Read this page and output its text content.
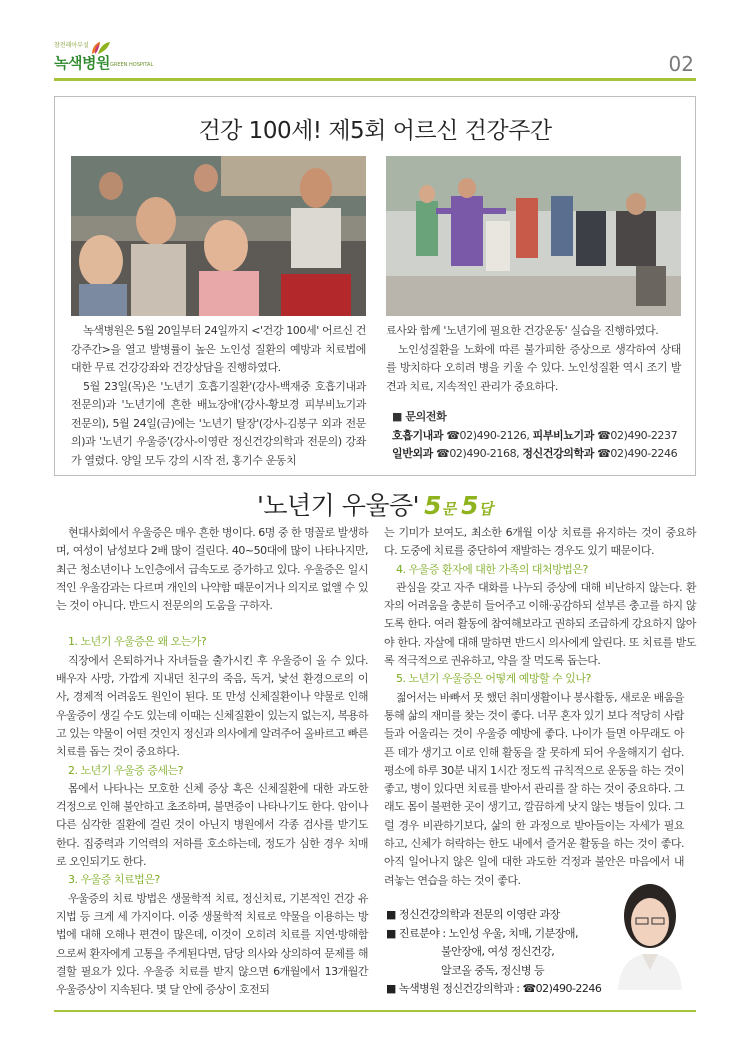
참전레아부설
녹색병원 GREEN HOSPITAL	02
건강 100세! 제5회 어르신 건강주간

녹색병원은 5월 20일부터 24일까지 <'건강 100세' 어르신 건강주간>을 열고 발병률이 높은 노인성 질환의 예방과 치료법에 대한 무료 건강강좌와 건강상담을 진행하였다.

5월 23일(목)은 '노년기 호흡기질환'(강사-백재중 호흡기내과 전문의)과 '노년기에 흔한 배뇨장애'(강사-황보경 피부비뇨기과 전문의), 5월 24일(금)에는 '노년기 탈장'(강사-김봉구 외과 전문의)과 '노년기 우울증'(강사-이영란 정신건강의학과 전문의) 강좌가 열렸다. 양일 모두 강의 시작 전, 홍기수 운동치

료사와 함께 '노년기에 필요한 건강운동' 실습을 진행하였다.

노인성질환을 노화에 따른 불가피한 증상으로 생각하여 상태를 방치하다 오히려 병을 키울 수 있다. 노인성질환 역시 조기 발견과 치료, 지속적인 관리가 중요하다.

■ 문의전화
호흡기내과 ☎02)490-2126, 피부비뇨기과 ☎02)490-2237
일반외과 ☎02)490-2168, 정신건강의학과 ☎02)490-2246
'노년기 우울증' 5문 5답

현대사회에서 우울증은 매우 흔한 병이다. 6명 중 한 명꼴로 발생하며, 여성이 남성보다 2배 많이 걸린다. 40~50대에 많이 나타나지만, 최근 청소년이나 노인층에서 급속도로 증가하고 있다. 우울증은 일시적인 우울감과는 다르며 개인의 나약함 때문이거나 의지로 없앨 수 있는 것이 아니다. 반드시 전문의의 도움을 구하자.

1. 노년기 우울증은 왜 오는가?

직장에서 은퇴하거나 자녀들을 출가시킨 후 우울증이 올 수 있다. 배우자 사망, 가깝게 지내던 친구의 죽음, 독거, 낯선 환경으로의 이사, 경제적 어려움도 원인이 된다. 또 만성 신체질환이나 약물로 인해 우울증이 생길 수도 있는데 이때는 신체질환이 있는지 없는지, 복용하고 있는 약물이 어떤 것인지 정신과 의사에게 알려주어 올바르고 빠른 치료를 돕는 것이 중요하다.

2. 노년기 우울증 증세는?

몸에서 나타나는 모호한 신체 증상 혹은 신체질환에 대한 과도한 걱정으로 인해 불안하고 초조하며, 불면증이 나타나기도 한다. 암이나 다른 심각한 질환에 걸린 것이 아닌지 병원에서 각종 검사를 받기도 한다. 집중력과 기억력의 저하를 호소하는데, 정도가 심한 경우 치매로 오인되기도 한다.

3. 우울증 치료법은?

우울증의 치료 방법은 생물학적 치료, 정신치료, 기본적인 건강 유지법 등 크게 세 가지이다. 이중 생물학적 치료로 약물을 이용하는 방법에 대해 오해나 편견이 많은데, 이것이 오히려 치료를 지연·방해함으로써 환자에게 고통을 주게된다면, 담당 의사와 상의하여 문제를 해결할 필요가 있다. 우울증 치료를 받지 않으면 6개월에서 13개월간 우울증상이 지속된다. 몇 달 안에 증상이 호전되

는 기미가 보여도, 최소한 6개월 이상 치료를 유지하는 것이 중요하다. 도중에 치료를 중단하여 재발하는 경우도 있기 때문이다.

4. 우울증 환자에 대한 가족의 대처방법은?

관심을 갖고 자주 대화를 나누되 증상에 대해 비난하지 않는다. 환자의 어려움을 충분히 들어주고 이해·공감하되 섣부른 충고를 하지 않도록 한다. 여러 활동에 참여해보라고 권하되 조급하게 강요하지 않아야 한다. 자살에 대해 말하면 반드시 의사에게 알린다. 또 치료를 받도록 적극적으로 권유하고, 약을 잘 먹도록 돕는다.

5. 노년기 우울증은 어떻게 예방할 수 있나?

젊어서는 바빠서 못 했던 취미생활이나 봉사활동, 새로운 배움을 통해 삶의 재미를 찾는 것이 좋다. 너무 혼자 있기 보다 적당히 사람들과 어울리는 것이 우울증 예방에 좋다. 나이가 들면 아무래도 아픈 데가 생기고 이로 인해 활동을 잘 못하게 되어 우울해지기 쉽다. 평소에 하루 30분 내지 1시간 정도씩 규칙적으로 운동을 하는 것이 좋고, 병이 있다면 치료를 받아서 관리를 잘 하는 것이 중요하다. 그래도 몸이 불편한 곳이 생기고, 깔끔하게 낫지 않는 병들이 있다. 그럴 경우 비관하기보다, 삶의 한 과정으로 받아들이는 자세가 필요하고, 신체가 허락하는 한도 내에서 즐거운 활동을 하는 것이 좋다. 아직 일어나지 않은 일에 대한 과도한 걱정과 불안은 마음에서 내려놓는 연습을 하는 것이 좋다.

■ 정신건강의학과 전문의 이영란 과장
■ 진료분야 : 노인성 우울, 치매, 기분장애,
불안장애, 여성 정신건강,
알코올 중독, 정신병 등
■ 녹색병원 정신건강의학과 : ☎02)490-2246
